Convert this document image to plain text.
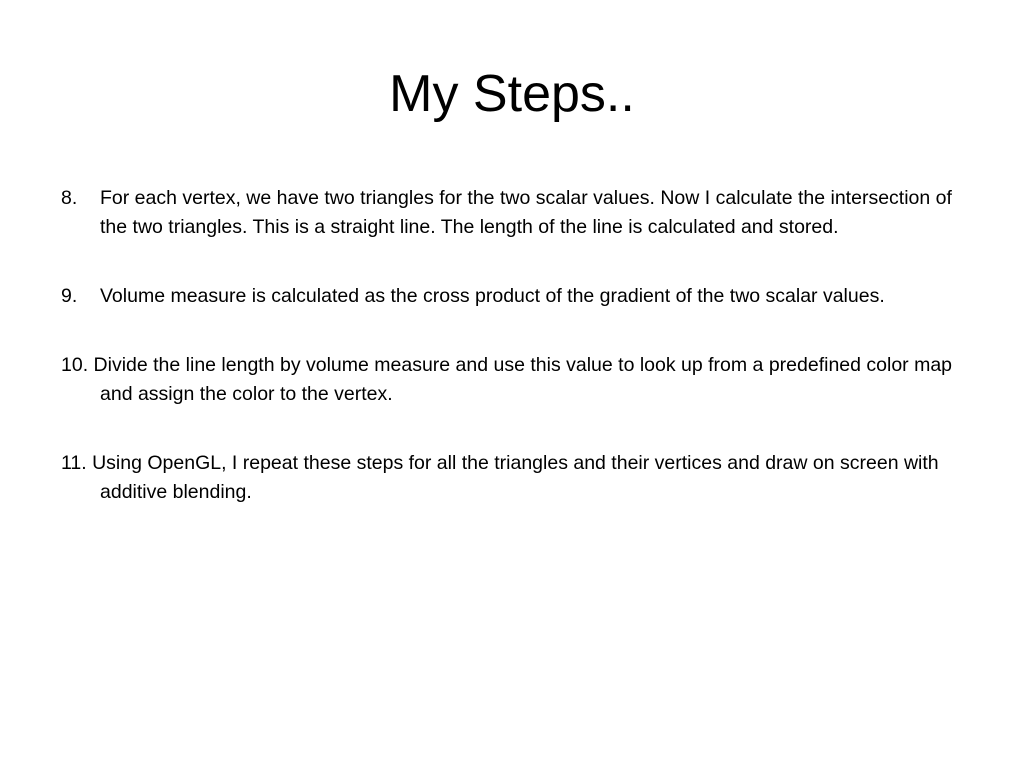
My Steps..
8.	For each vertex, we have two triangles for the two scalar values. Now I calculate the intersection of the two triangles. This is a straight line. The length of the line is calculated and stored.
9.	Volume measure is calculated as the cross product of the gradient of the two scalar values.
10. Divide the line length by volume measure and use this value to look up from a predefined color map and assign the color to the vertex.
11. Using OpenGL, I repeat these steps for all the triangles and their vertices and draw on screen with additive blending.
